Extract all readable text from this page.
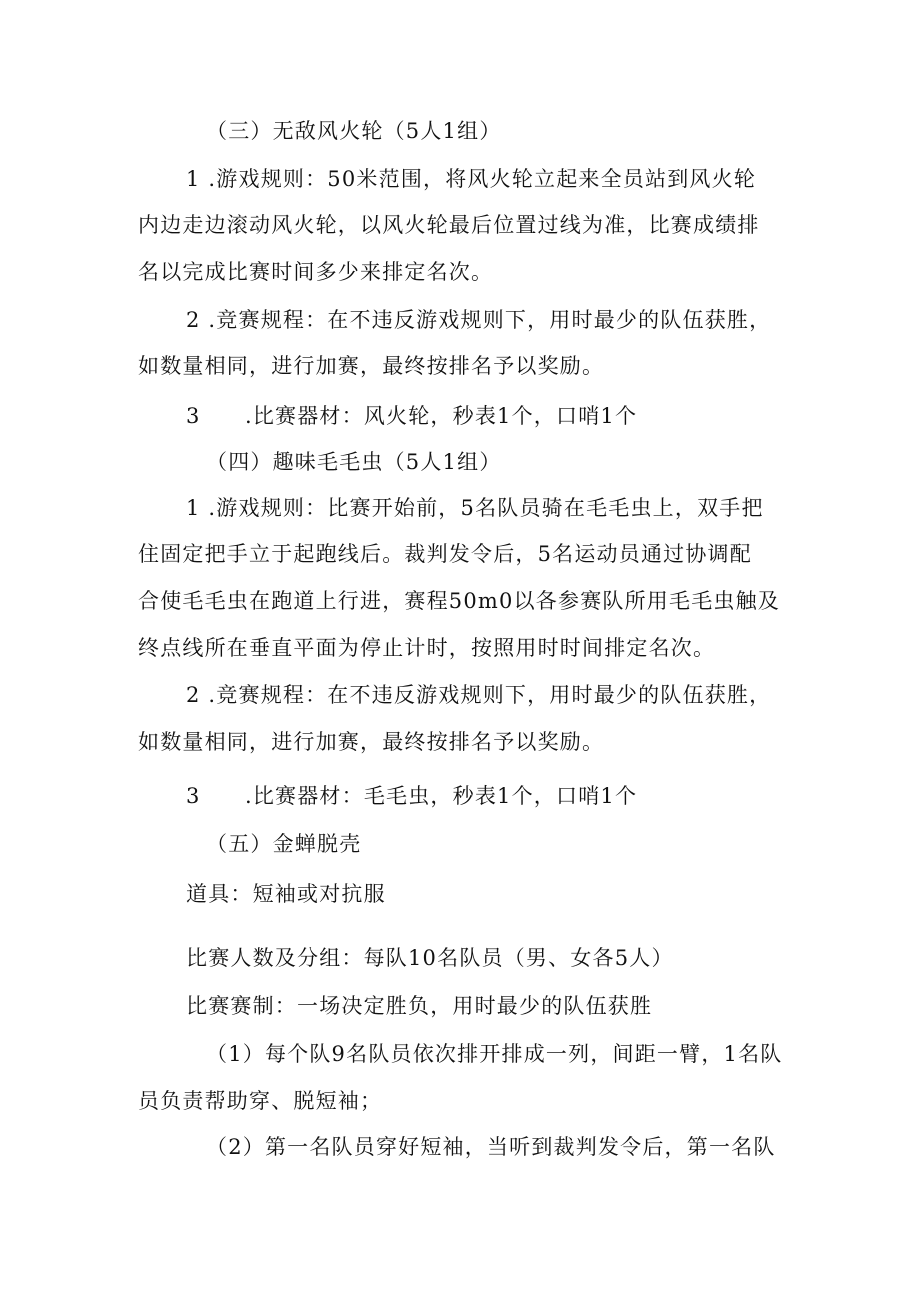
（三）无敌风火轮（5人1组）
1 .游戏规则：50米范围，将风火轮立起来全员站到风火轮
内边走边滚动风火轮，以风火轮最后位置过线为准，比赛成绩排
名以完成比赛时间多少来排定名次。
2 .竞赛规程：在不违反游戏规则下，用时最少的队伍获胜，
如数量相同，进行加赛，最终按排名予以奖励。
3　　.比赛器材：风火轮，秒表1个，口哨1个
（四）趣味毛毛虫（5人1组）
1 .游戏规则：比赛开始前，5名队员骑在毛毛虫上，双手把
住固定把手立于起跑线后。裁判发令后，5名运动员通过协调配
合使毛毛虫在跑道上行进，赛程50m0以各参赛队所用毛毛虫触及
终点线所在垂直平面为停止计时，按照用时时间排定名次。
2 .竞赛规程：在不违反游戏规则下，用时最少的队伍获胜，
如数量相同，进行加赛，最终按排名予以奖励。
3　　.比赛器材：毛毛虫，秒表1个，口哨1个
（五）金蝉脱壳
道具：短袖或对抗服
比赛人数及分组：每队10名队员（男、女各5人）
比赛赛制：一场决定胜负，用时最少的队伍获胜
（1）每个队9名队员依次排开排成一列，间距一臂，1名队
员负责帮助穿、脱短袖；
（2）第一名队员穿好短袖，当听到裁判发令后，第一名队
